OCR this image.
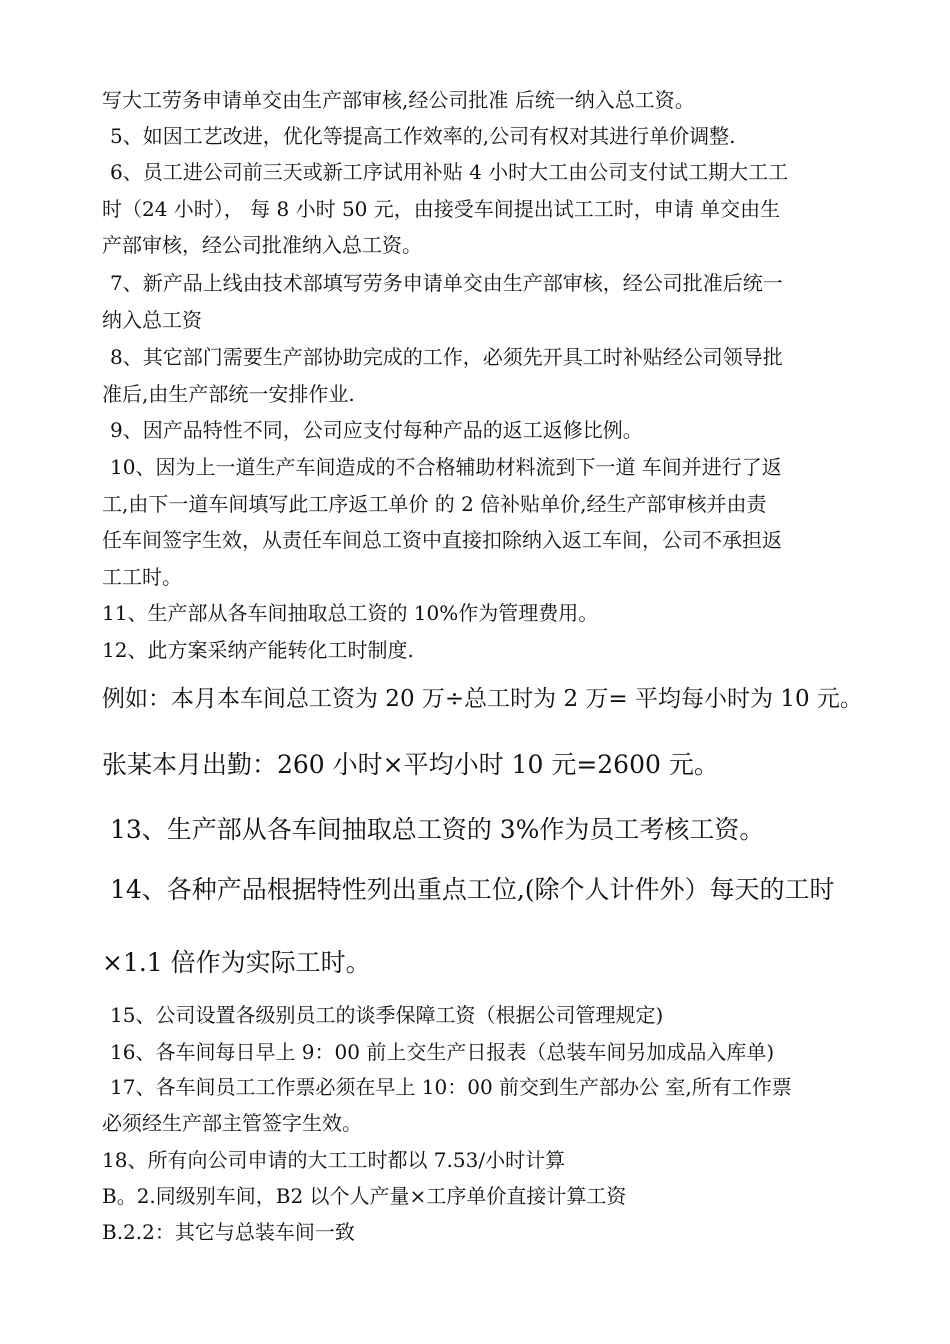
写大工劳务申请单交由生产部审核,经公司批准 后统一纳入总工资。
5、如因工艺改进，优化等提高工作效率的,公司有权对其进行单价调整.
6、员工进公司前三天或新工序试用补贴 4 小时大工由公司支付试工期大工工
时（24 小时）， 每 8 小时 50 元，由接受车间提出试工工时，申请 单交由生
产部审核，经公司批准纳入总工资。
7、新产品上线由技术部填写劳务申请单交由生产部审核，经公司批准后统一
纳入总工资
8、其它部门需要生产部协助完成的工作，必须先开具工时补贴经公司领导批
准后,由生产部统一安排作业.
9、因产品特性不同，公司应支付每种产品的返工返修比例。
10、因为上一道生产车间造成的不合格辅助材料流到下一道 车间并进行了返
工,由下一道车间填写此工序返工单价 的 2 倍补贴单价,经生产部审核并由责
任车间签字生效，从责任车间总工资中直接扣除纳入返工车间，公司不承担返
工工时。
11、生产部从各车间抽取总工资的 10%作为管理费用。
12、此方案采纳产能转化工时制度.
例如：本月本车间总工资为 20 万÷总工时为 2 万= 平均每小时为 10 元。
张某本月出勤：260 小时×平均小时 10 元=2600 元。
13、生产部从各车间抽取总工资的 3%作为员工考核工资。
14、各种产品根据特性列出重点工位,(除个人计件外）每天的工时
×1.1 倍作为实际工时。
15、公司设置各级别员工的谈季保障工资（根据公司管理规定)
16、各车间每日早上 9：00 前上交生产日报表（总装车间另加成品入库单)
17、各车间员工工作票必须在早上 10：00 前交到生产部办公 室,所有工作票
必须经生产部主管签字生效。
18、所有向公司申请的大工工时都以 7.53/小时计算
B。2.同级别车间，B2 以个人产量×工序单价直接计算工资
B.2.2：其它与总装车间一致
